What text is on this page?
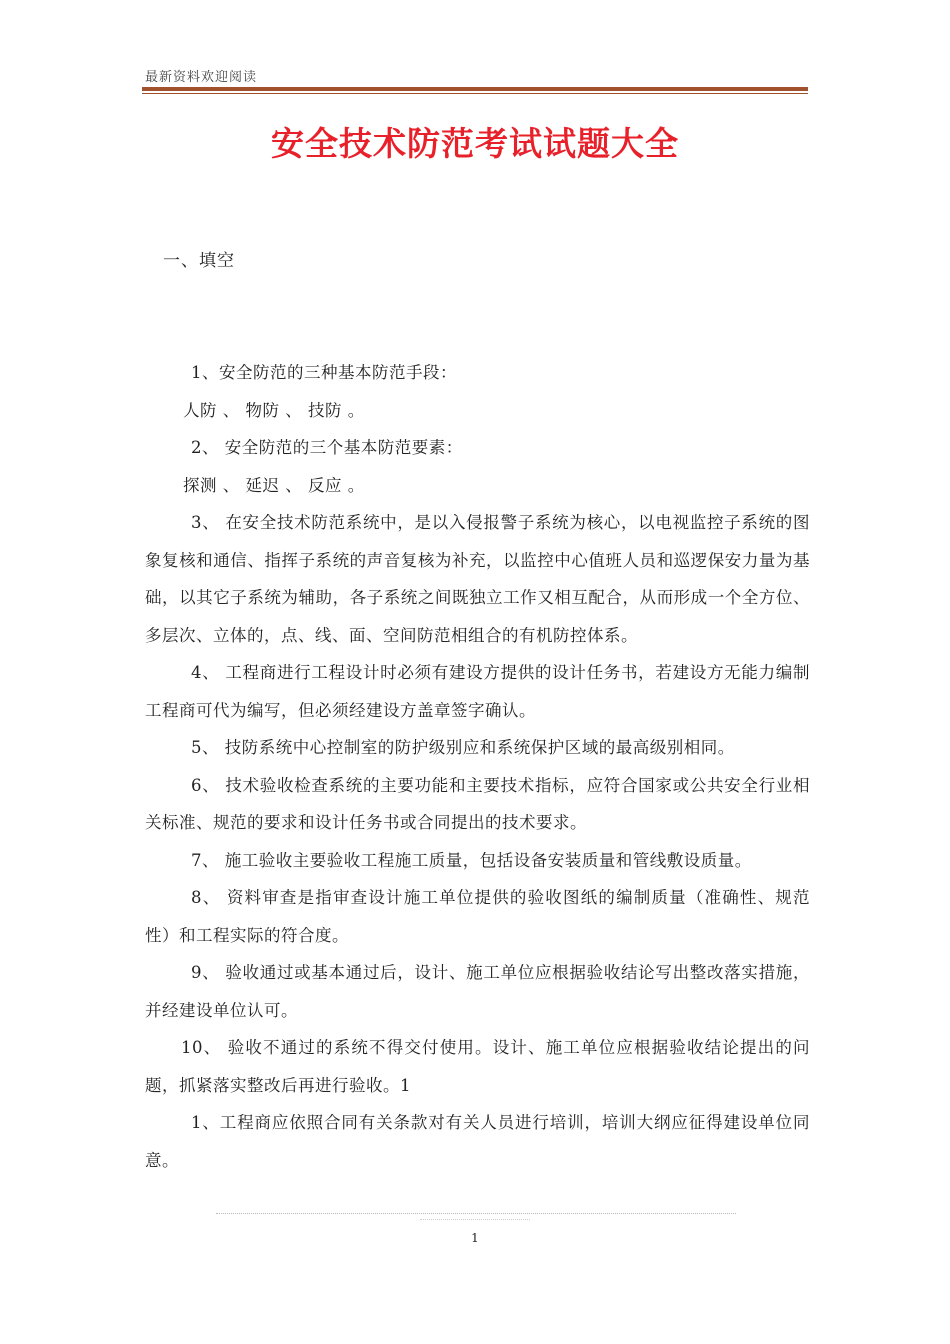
最新资料欢迎阅读
安全技术防范考试试题大全
一、填空

1、安全防范的三种基本防范手段：

人防 、 物防 、 技防 。

2、 安全防范的三个基本防范要素：

探测 、 延迟 、 反应 。

3、 在安全技术防范系统中，是以入侵报警子系统为核心，以电视监控子系统的图象复核和通信、指挥子系统的声音复核为补充，以监控中心值班人员和巡逻保安力量为基础，以其它子系统为辅助，各子系统之间既独立工作又相互配合，从而形成一个全方位、多层次、立体的，点、线、面、空间防范相组合的有机防控体系。

4、 工程商进行工程设计时必须有建设方提供的设计任务书，若建设方无能力编制工程商可代为编写，但必须经建设方盖章签字确认。

5、 技防系统中心控制室的防护级别应和系统保护区域的最高级别相同。

6、 技术验收检查系统的主要功能和主要技术指标，应符合国家或公共安全行业相关标准、规范的要求和设计任务书或合同提出的技术要求。

7、 施工验收主要验收工程施工质量，包括设备安装质量和管线敷设质量。

8、 资料审查是指审查设计施工单位提供的验收图纸的编制质量（准确性、规范性）和工程实际的符合度。

9、 验收通过或基本通过后，设计、施工单位应根据验收结论写出整改落实措施，并经建设单位认可。

10、 验收不通过的系统不得交付使用。设计、施工单位应根据验收结论提出的问题，抓紧落实整改后再进行验收。1

1、工程商应依照合同有关条款对有关人员进行培训，培训大纲应征得建设单位同意。

1
